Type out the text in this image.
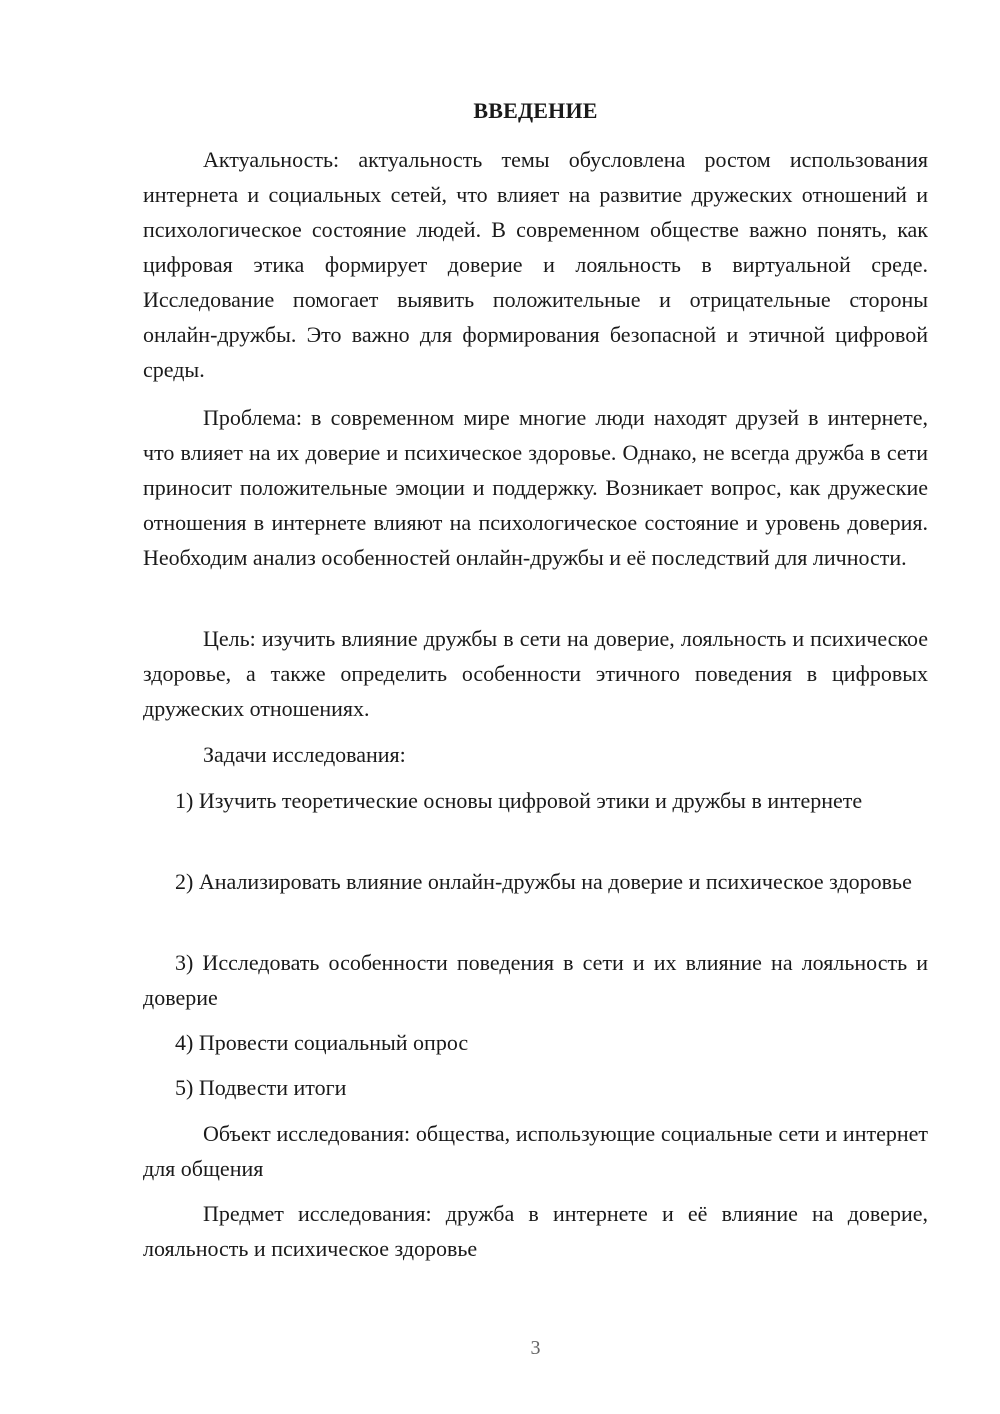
ВВЕДЕНИЕ

Актуальность: актуальность темы обусловлена ростом использования интернета и социальных сетей, что влияет на развитие дружеских отношений и психологическое состояние людей. В современном обществе важно понять, как цифровая этика формирует доверие и лояльность в виртуальной среде. Исследование помогает выявить положительные и отрицательные стороны онлайн-дружбы. Это важно для формирования безопасной и этичной цифровой среды.

Проблема: в современном мире многие люди находят друзей в интернете, что влияет на их доверие и психическое здоровье. Однако, не всегда дружба в сети приносит положительные эмоции и поддержку. Возникает вопрос, как дружеские отношения в интернете влияют на психологическое состояние и уровень доверия. Необходим анализ особенностей онлайн-дружбы и её последствий для личности.

Цель: изучить влияние дружбы в сети на доверие, лояльность и психическое здоровье, а также определить особенности этичного поведения в цифровых дружеских отношениях.

Задачи исследования:

1) Изучить теоретические основы цифровой этики и дружбы в интернете

2) Анализировать влияние онлайн-дружбы на доверие и психическое здоровье

3) Исследовать особенности поведения в сети и их влияние на лояльность и доверие

4) Провести социальный опрос

5) Подвести итоги

Объект исследования: общества, использующие социальные сети и интернет для общения

Предмет исследования: дружба в интернете и её влияние на доверие, лояльность и психическое здоровье

3
